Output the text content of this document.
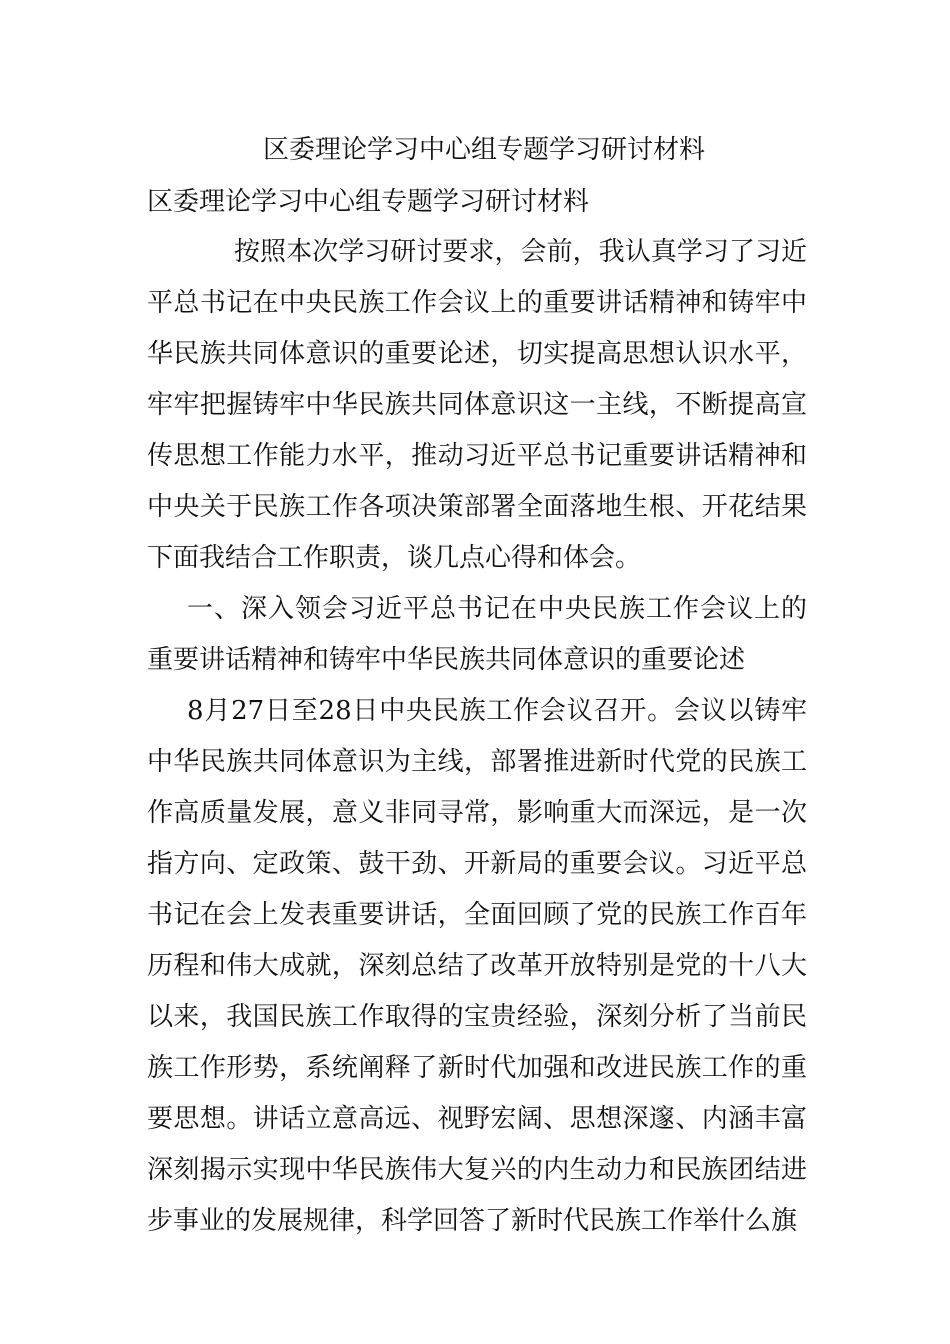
区委理论学习中心组专题学习研讨材料
区委理论学习中心组专题学习研讨材料

按照本次学习研讨要求，会前，我认真学习了习近平总书记在中央民族工作会议上的重要讲话精神和铸牢中华民族共同体意识的重要论述，切实提高思想认识水平，牢牢把握铸牢中华民族共同体意识这一主线，不断提高宣传思想工作能力水平，推动习近平总书记重要讲话精神和中央关于民族工作各项决策部署全面落地生根、开花结果下面我结合工作职责，谈几点心得和体会。

一、深入领会习近平总书记在中央民族工作会议上的重要讲话精神和铸牢中华民族共同体意识的重要论述

8月27日至28日中央民族工作会议召开。会议以铸牢中华民族共同体意识为主线，部署推进新时代党的民族工作高质量发展，意义非同寻常，影响重大而深远，是一次指方向、定政策、鼓干劲、开新局的重要会议。习近平总书记在会上发表重要讲话，全面回顾了党的民族工作百年历程和伟大成就，深刻总结了改革开放特别是党的十八大以来，我国民族工作取得的宝贵经验，深刻分析了当前民族工作形势，系统阐释了新时代加强和改进民族工作的重要思想。讲话立意高远、视野宏阔、思想深邃、内涵丰富深刻揭示实现中华民族伟大复兴的内生动力和民族团结进步事业的发展规律，科学回答了新时代民族工作举什么旗
